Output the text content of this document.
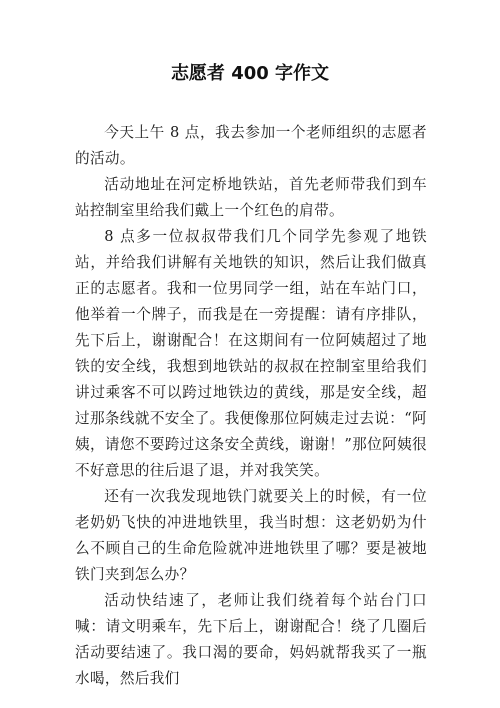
志愿者 400 字作文

今天上午 8 点，我去参加一个老师组织的志愿者的活动。

活动地址在河定桥地铁站，首先老师带我们到车站控制室里给我们戴上一个红色的肩带。

8 点多一位叔叔带我们几个同学先参观了地铁站，并给我们讲解有关地铁的知识，然后让我们做真正的志愿者。我和一位男同学一组，站在车站门口，他举着一个牌子，而我是在一旁提醒：请有序排队，先下后上，谢谢配合！在这期间有一位阿姨超过了地铁的安全线，我想到地铁站的叔叔在控制室里给我们讲过乘客不可以跨过地铁边的黄线，那是安全线，超过那条线就不安全了。我便像那位阿姨走过去说：“阿姨，请您不要跨过这条安全黄线，谢谢！”那位阿姨很不好意思的往后退了退，并对我笑笑。

还有一次我发现地铁门就要关上的时候，有一位老奶奶飞快的冲进地铁里，我当时想：这老奶奶为什么不顾自己的生命危险就冲进地铁里了哪？要是被地铁门夹到怎么办？

活动快结速了，老师让我们绕着每个站台门口喊：请文明乘车，先下后上，谢谢配合！绕了几圈后活动要结速了。我口渴的要命，妈妈就帮我买了一瓶水喝，然后我们
